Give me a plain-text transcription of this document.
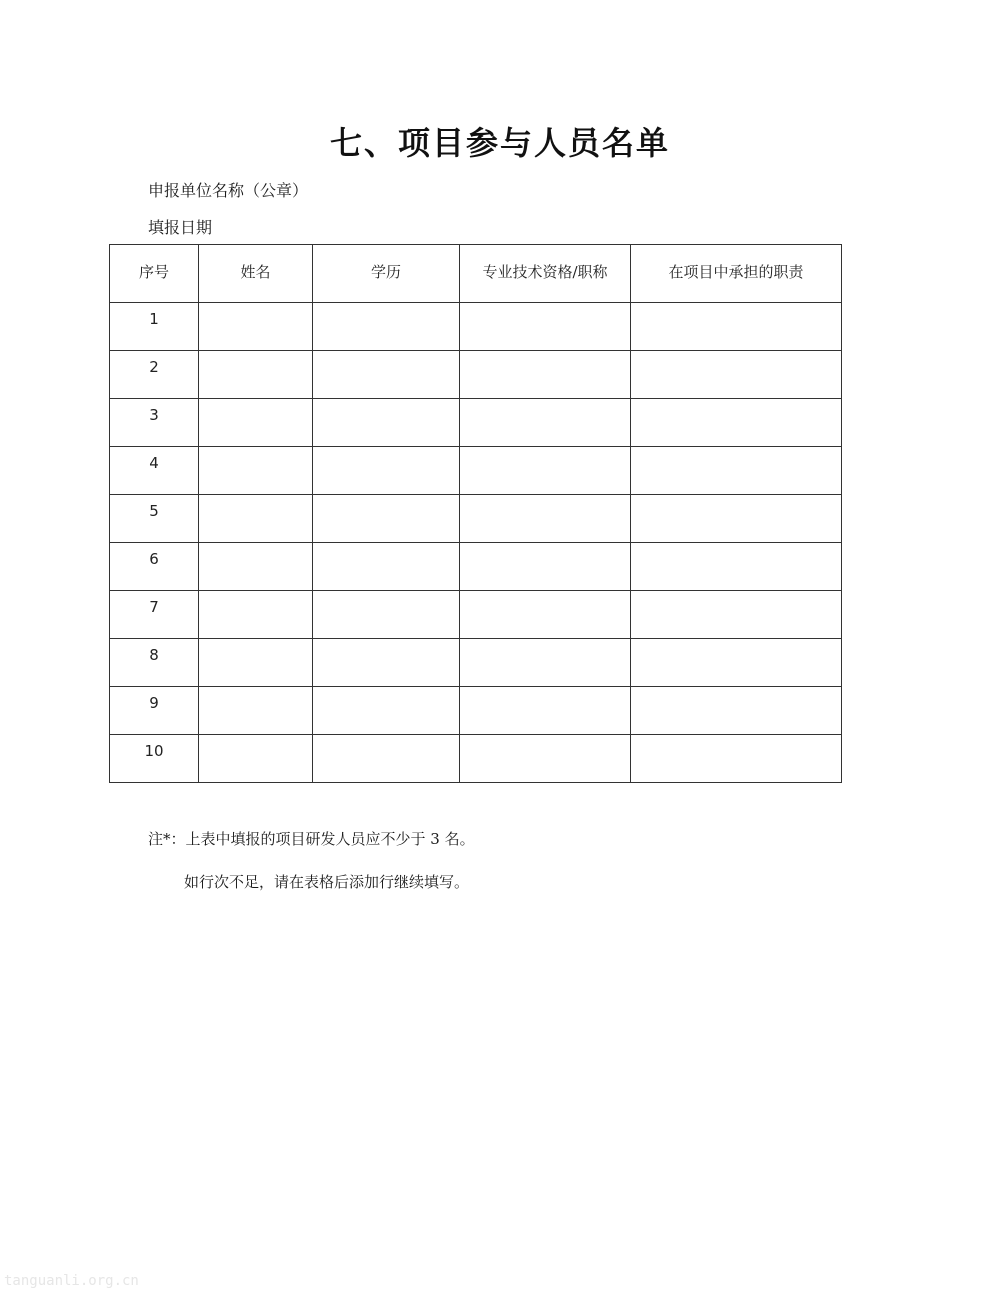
七、项目参与人员名单
申报单位名称（公章）
填报日期
序号	姓名	学历	专业技术资格/职称	在项目中承担的职责
1				
2				
3				
4				
5				
6				
7				
8				
9				
10				
注*：上表中填报的项目研发人员应不少于 3 名。
如行次不足，请在表格后添加行继续填写。
tanguanli.org.cn
